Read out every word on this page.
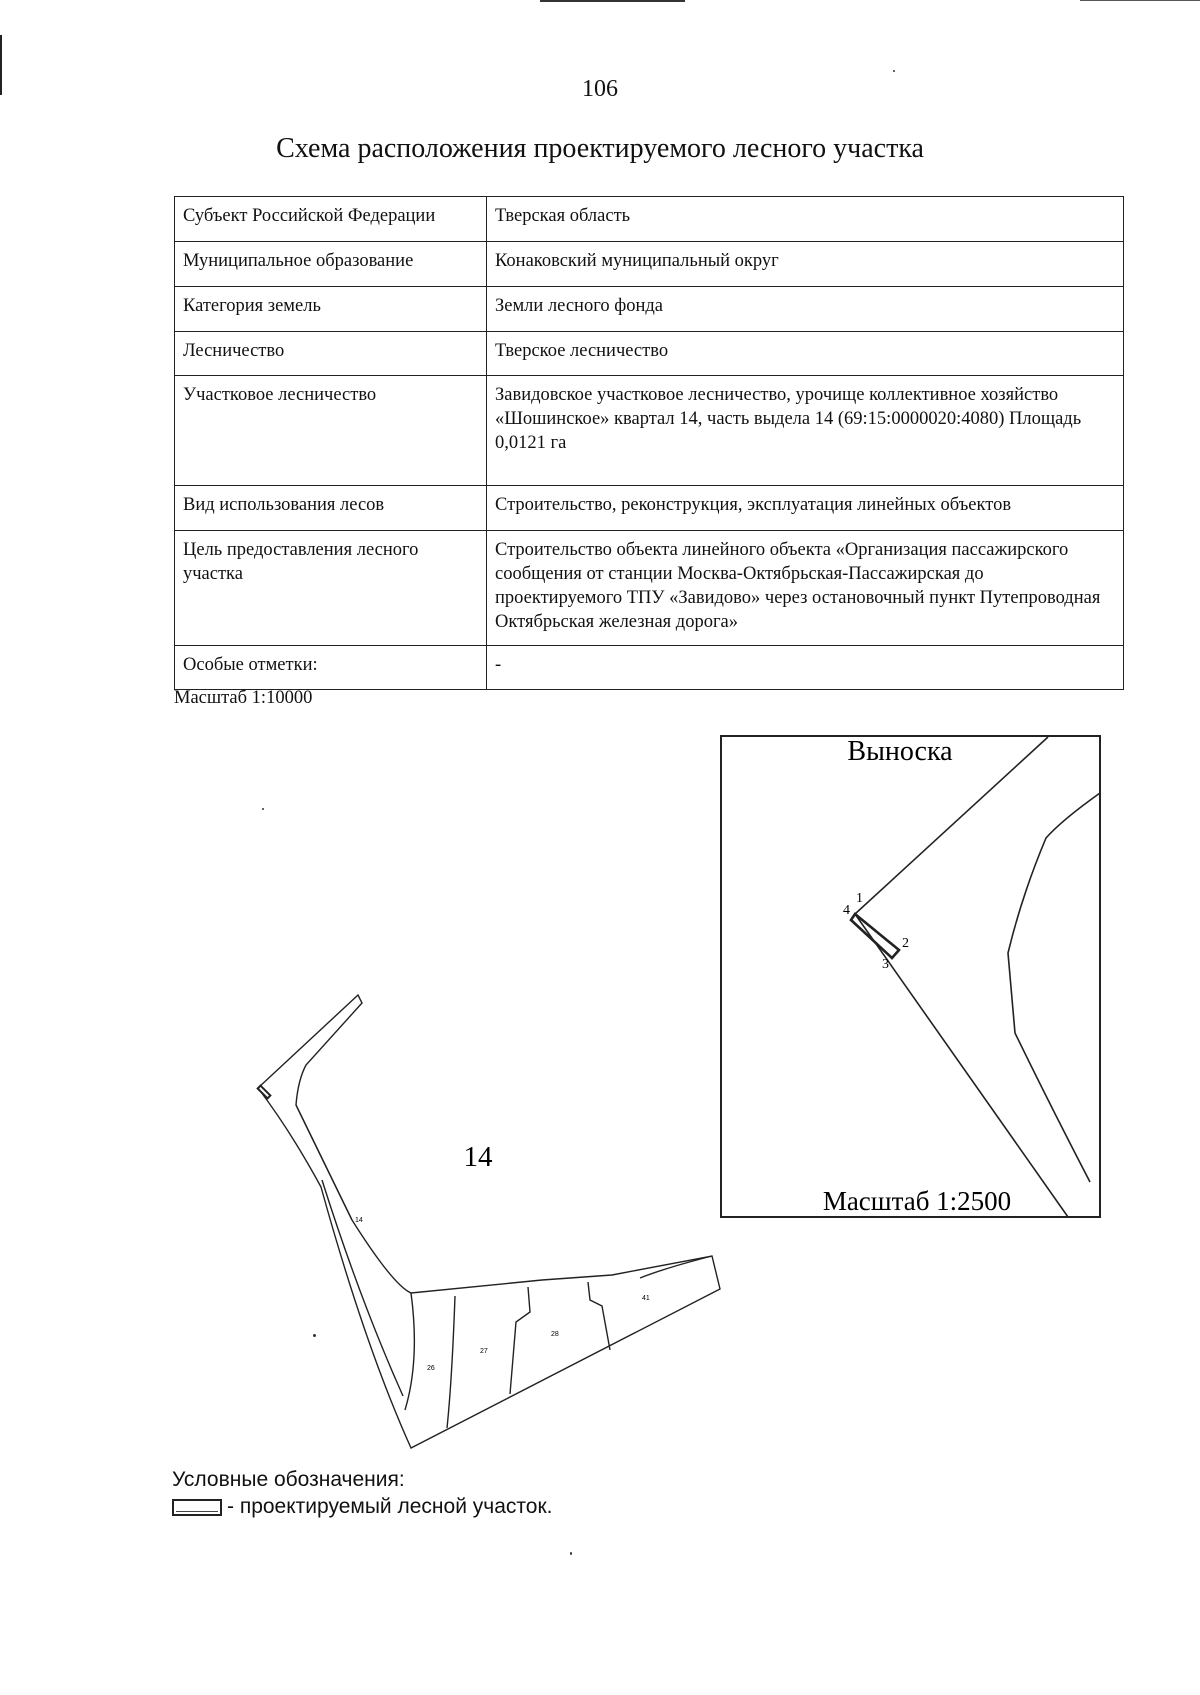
106
Схема расположения проектируемого лесного участка
Субъект Российской Федерации	Тверская область
Муниципальное образование	Конаковский муниципальный округ
Категория земель	Земли лесного фонда
Лесничество	Тверское лесничество
Участковое лесничество	Завидовское участковое лесничество, урочище коллективное хозяйство «Шошинское» квартал 14, часть выдела 14 (69:15:0000020:4080) Площадь 0,0121 га
Вид использования лесов	Строительство, реконструкция, эксплуатация линейных объектов
Цель предоставления лесного участка	Строительство объекта линейного объекта «Организация пассажирского сообщения от станции Москва-Октябрьская-Пассажирская до проектируемого ТПУ «Завидово» через остановочный пункт Путепроводная Октябрьская железная дорога»
Особые отметки:	-
Масштаб 1:10000
14
14
26
27
28
41
Выноска
Масштаб 1:2500
1
2
3
4
Условные обозначения:
- проектируемый лесной участок.
